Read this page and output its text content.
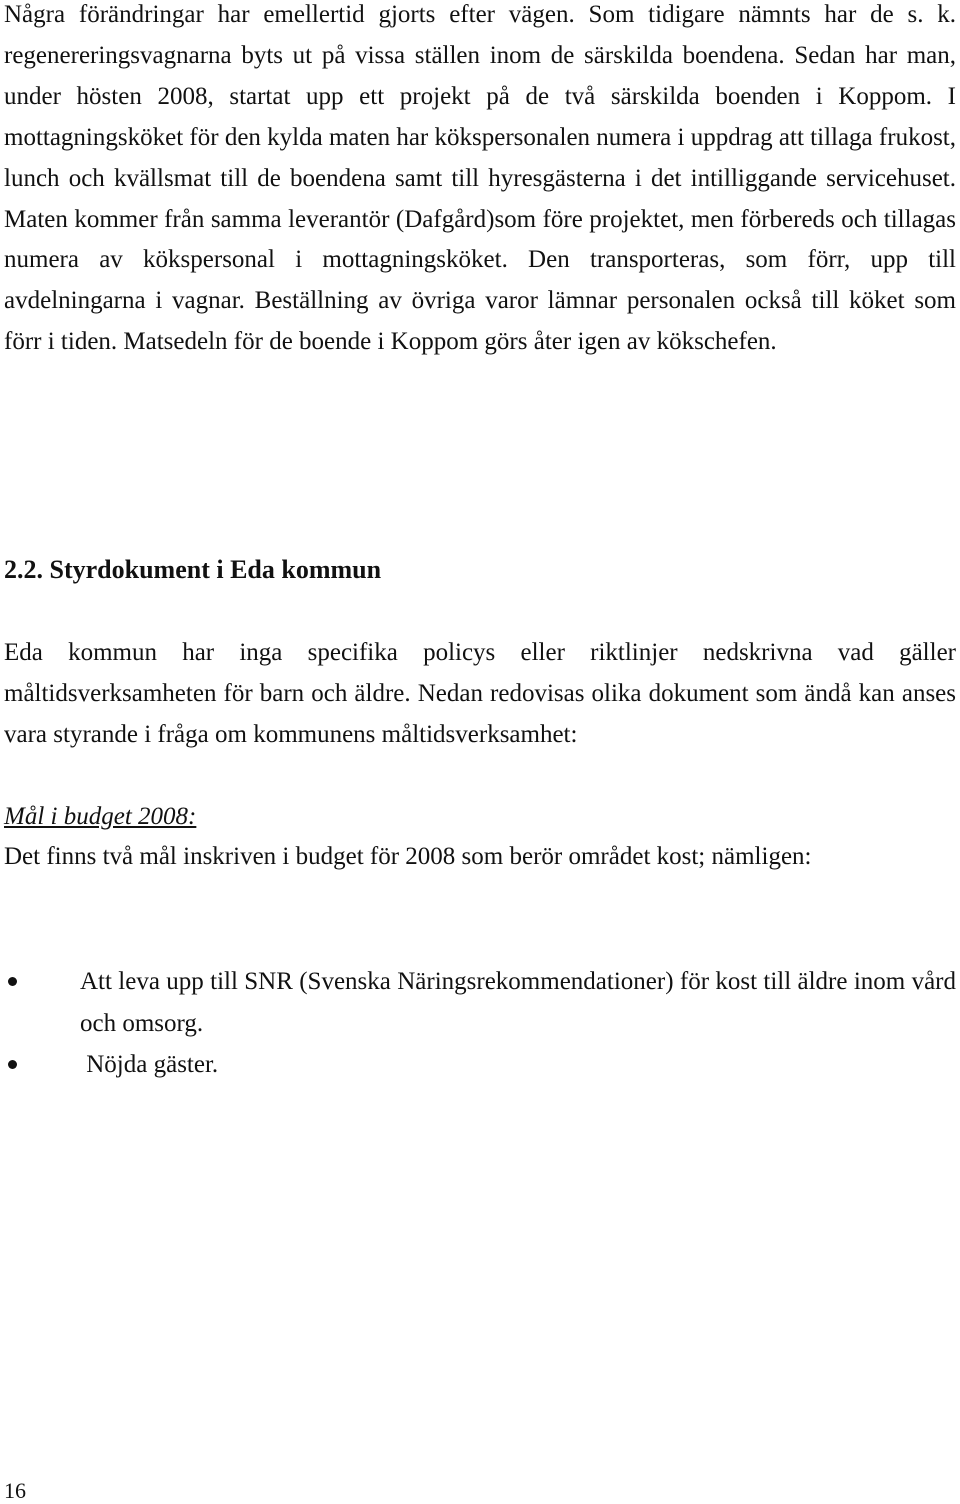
Några förändringar har emellertid gjorts efter vägen. Som tidigare nämnts har de s. k. regenereringsvagnarna byts ut på vissa ställen inom de särskilda boendena. Sedan har man, under hösten 2008, startat upp ett projekt på de två särskilda boenden i Koppom. I mottagningsköket för den kylda maten har kökspersonalen numera i uppdrag att tillaga frukost, lunch och kvällsmat till de boendena samt till hyresgästerna i det intilliggande servicehuset. Maten kommer från samma leverantör (Dafgård)som före projektet, men förbereds och tillagas numera av kökspersonal i mottagningsköket. Den transporteras, som förr, upp till avdelningarna i vagnar. Beställning av övriga varor lämnar personalen också till köket som förr i tiden. Matsedeln för de boende i Koppom görs åter igen av kökschefen.

2.2. Styrdokument i Eda kommun

Eda kommun har inga specifika policys eller riktlinjer nedskrivna vad gäller måltidsverksamheten för barn och äldre. Nedan redovisas olika dokument som ändå kan anses vara styrande i fråga om kommunens måltidsverksamhet:

Mål i budget 2008:

Det finns två mål inskriven i budget för 2008 som berör området kost; nämligen:

Att leva upp till SNR (Svenska Näringsrekommendationer) för kost till äldre inom vård och omsorg.
Nöjda gäster.
16
